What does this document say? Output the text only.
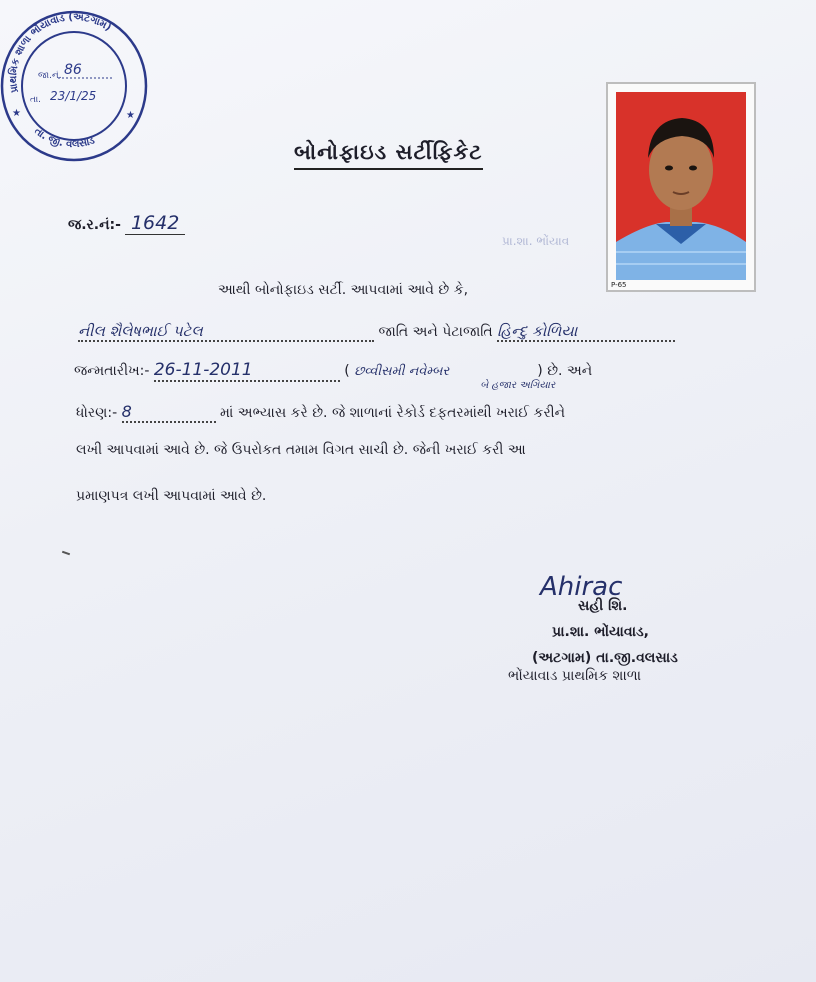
પ્રાથમિક શાળા ભોંયાવાડ (અટગામ)
તા. જી. વલસાડ
★	★
જા.નં. 86
તા. 23/1/25
બોનોફાઇડ સર્ટીફિકેટ
P-65
પ્રા.શા. ભોંયાવ
જ.ર.નં:- 1642
આથી બોનોફાઇડ સર્ટી. આપવામાં આવે છે કે,
નીલ શૈલેષભાઈ પટેલ	જાતિ અને પેટાજાતિ હિન્દુ કોળિયા
જન્મતારીખ:- 26-11-2011	( છવ્વીસમી નવેમ્બર
બે હજાર અગિયાર
) છે. અને
ધોરણ:- 8	માં અભ્યાસ કરે છે. જે શાળાનાં રેકોર્ડ દફતરમાંથી ખરાઈ કરીને
લખી આપવામાં આવે છે. જે ઉપરોકત તમામ વિગત સાચી છે. જેની ખરાઈ કરી આ
પ્રમાણપત્ર લખી આપવામાં આવે છે.
Ahirac
સહી શિ.
પ્રા.શા. ભોંયાવાડ,
(અટગામ) તા.જી.વલસાડ
ભોંયાવાડ પ્રાથમિક શાળા
